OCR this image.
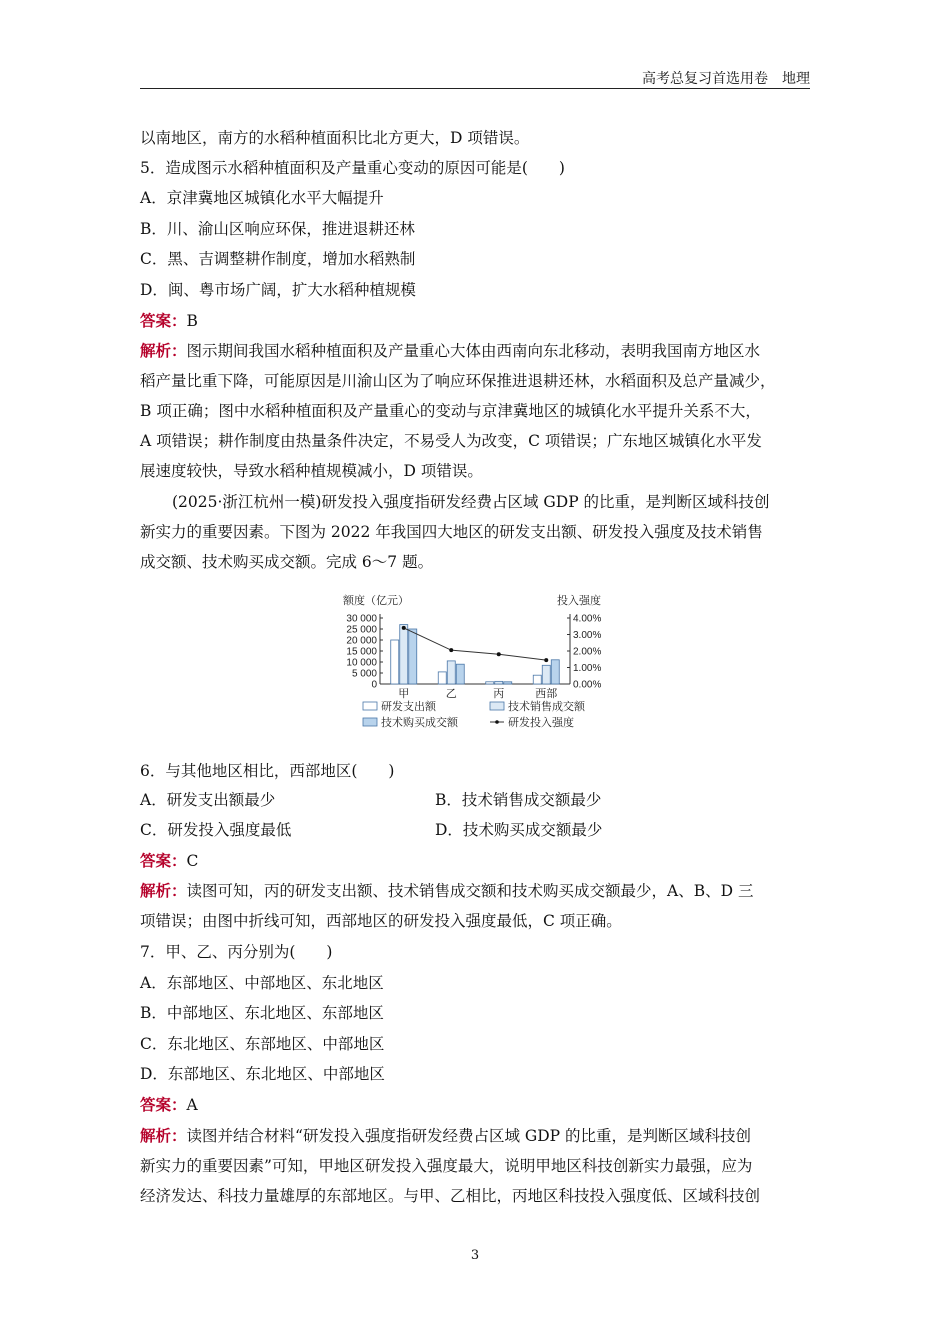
高考总复习首选用卷　地理
以南地区，南方的水稻种植面积比北方更大，D 项错误。
5．造成图示水稻种植面积及产量重心变动的原因可能是(　　)
A．京津冀地区城镇化水平大幅提升
B．川、渝山区响应环保，推进退耕还林
C．黑、吉调整耕作制度，增加水稻熟制
D．闽、粤市场广阔，扩大水稻种植规模
答案：B
解析：图示期间我国水稻种植面积及产量重心大体由西南向东北移动，表明我国南方地区水
稻产量比重下降，可能原因是川渝山区为了响应环保推进退耕还林，水稻面积及总产量减少，
B 项正确；图中水稻种植面积及产量重心的变动与京津冀地区的城镇化水平提升关系不大，
A 项错误；耕作制度由热量条件决定，不易受人为改变，C 项错误；广东地区城镇化水平发
展速度较快，导致水稻种植规模减小，D 项错误。
(2025·浙江杭州一模)研发投入强度指研发经费占区域 GDP 的比重，是判断区域科技创
新实力的重要因素。下图为 2022 年我国四大地区的研发支出额、研发投入强度及技术销售
成交额、技术购买成交额。完成 6～7 题。
额度（亿元）	投入强度
30 000
25 000
20 000
15 000
10 000
5 000
0
4.00%
3.00%
2.00%
1.00%
0.00%
甲	乙	丙	西部
研发支出额	技术销售成交额
技术购买成交额	研发投入强度
6．与其他地区相比，西部地区(　　)
A．研发支出额最少	B．技术销售成交额最少
C．研发投入强度最低	D．技术购买成交额最少
答案：C
解析：读图可知，丙的研发支出额、技术销售成交额和技术购买成交额最少，A、B、D 三
项错误；由图中折线可知，西部地区的研发投入强度最低，C 项正确。
7．甲、乙、丙分别为(　　)
A．东部地区、中部地区、东北地区
B．中部地区、东北地区、东部地区
C．东北地区、东部地区、中部地区
D．东部地区、东北地区、中部地区
答案：A
解析：读图并结合材料“研发投入强度指研发经费占区域 GDP 的比重，是判断区域科技创
新实力的重要因素”可知，甲地区研发投入强度最大，说明甲地区科技创新实力最强，应为
经济发达、科技力量雄厚的东部地区。与甲、乙相比，丙地区科技投入强度低、区域科技创
3
